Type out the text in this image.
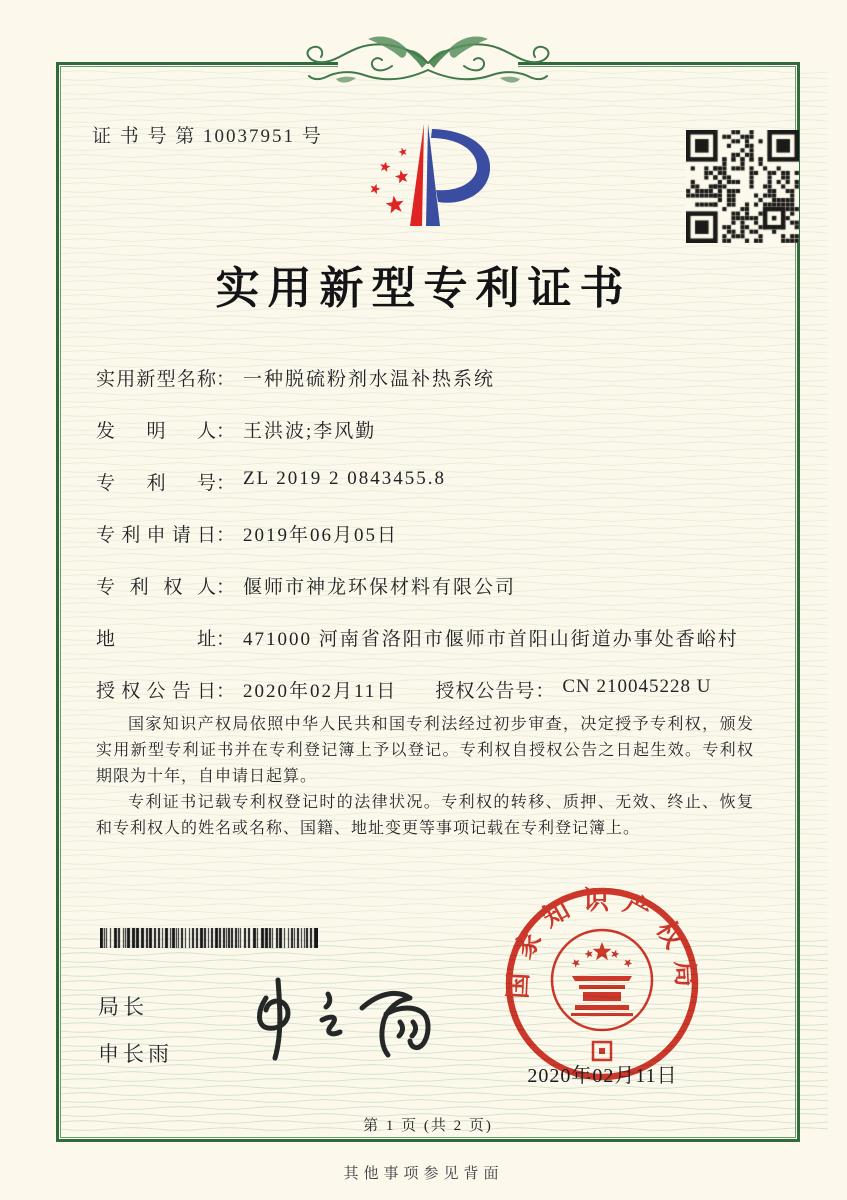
证 书 号 第 10037951 号
实用新型专利证书
实用新型名称 ： 一种脱硫粉剂水温补热系统
发明人 ： 王洪波;李风勤
专利号 ： ZL 2019 2 0843455.8
专利申请日 ： 2019年06月05日
专利权人 ： 偃师市神龙环保材料有限公司
地址 ： 471000 河南省洛阳市偃师市首阳山街道办事处香峪村
授权公告日 ： 2020年02月11日 授权公告号 ： CN 210045228 U

国家知识产权局依照中华人民共和国专利法经过初步审查，决定授予专利权，颁发实用新型专利证书并在专利登记簿上予以登记。专利权自授权公告之日起生效。专利权期限为十年，自申请日起算。

专利证书记载专利权登记时的法律状况。专利权的转移、质押、无效、终止、恢复和专利权人的姓名或名称、国籍、地址变更等事项记载在专利登记簿上。

局长
申长雨
国家知识产权局
2020年02月11日
第 1 页 (共 2 页)
其他事项参见背面
